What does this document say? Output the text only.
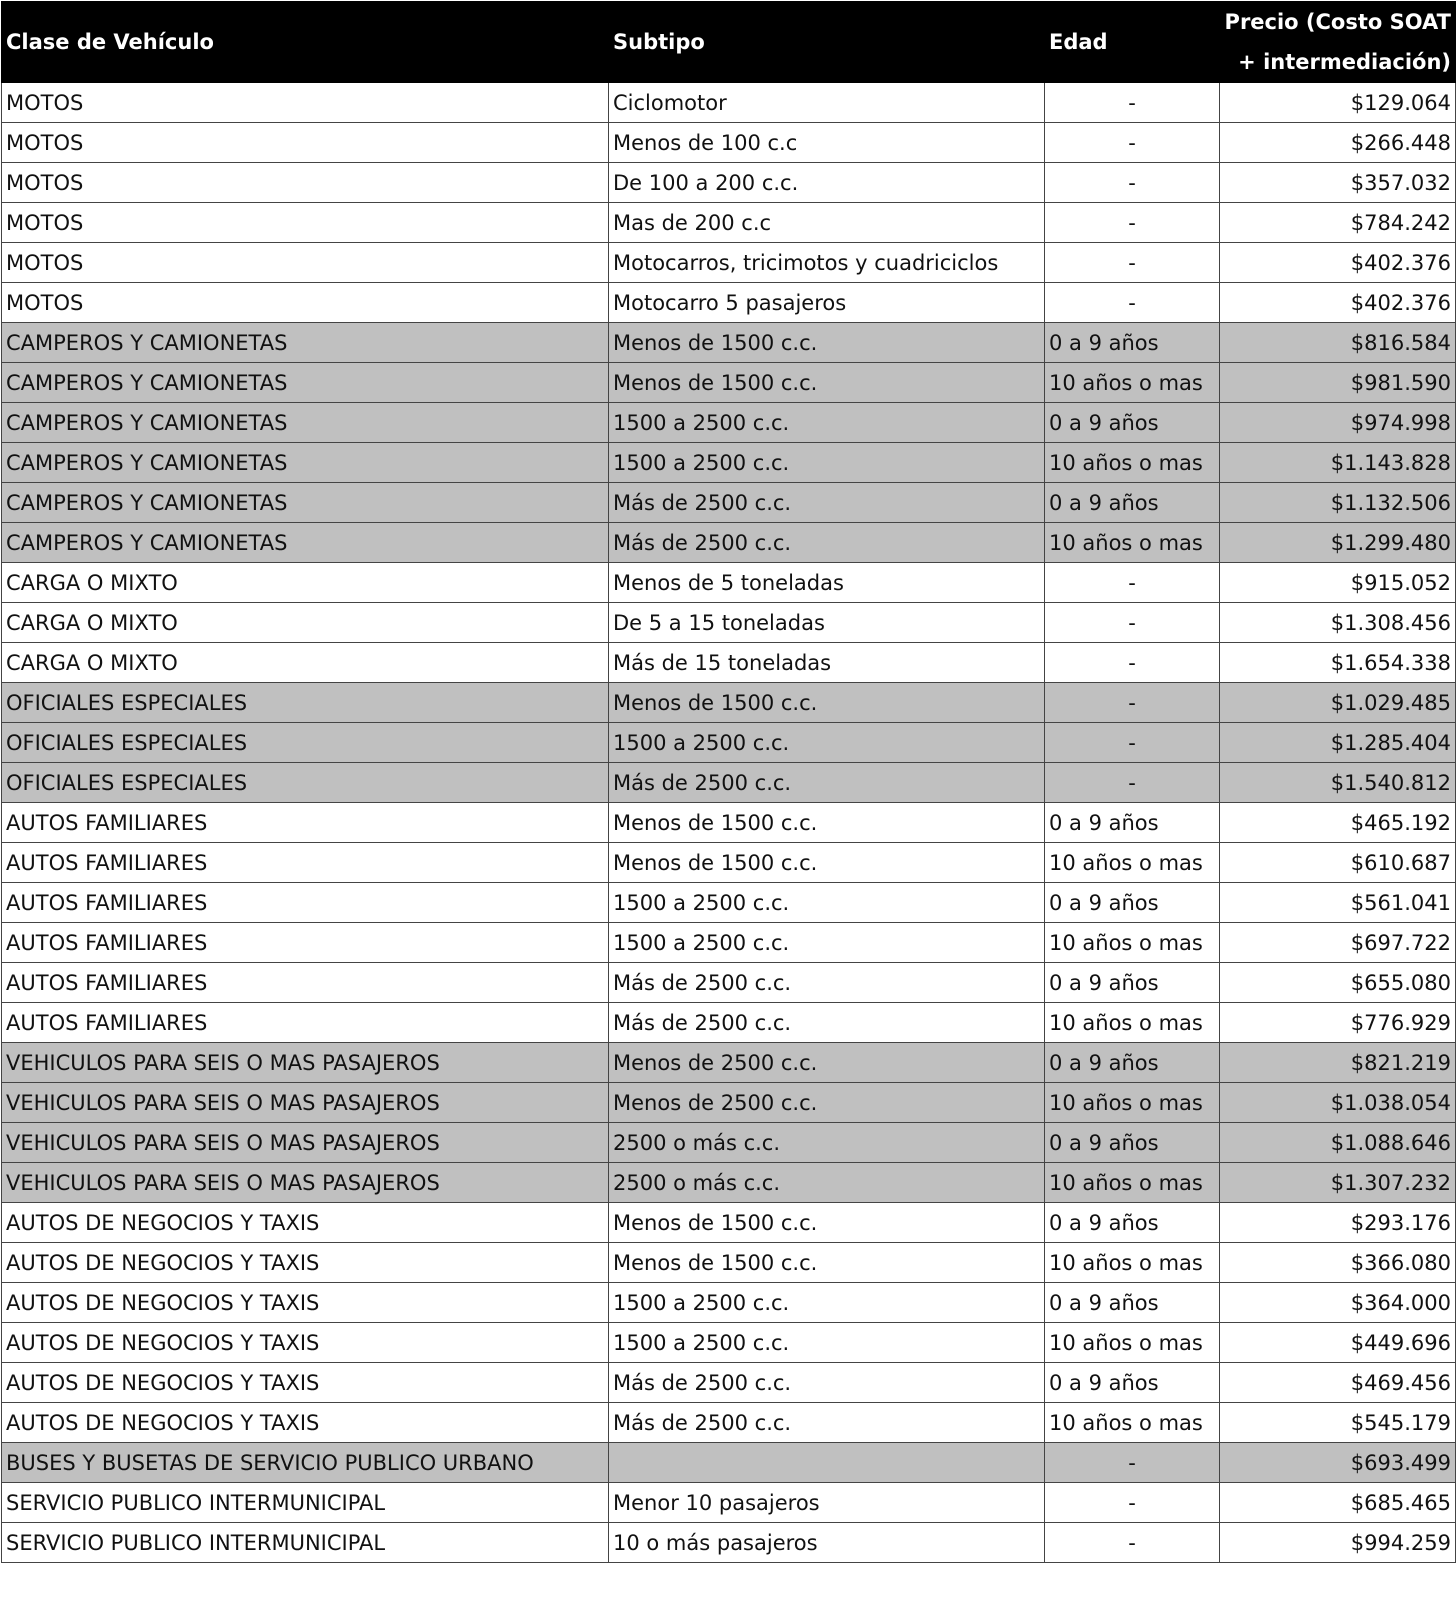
Clase de Vehículo	Subtipo	Edad	Precio (Costo SOAT
+ intermediación)
MOTOS	Ciclomotor	-	$129.064
MOTOS	Menos de 100 c.c	-	$266.448
MOTOS	De 100 a 200 c.c.	-	$357.032
MOTOS	Mas de 200 c.c	-	$784.242
MOTOS	Motocarros, tricimotos y cuadriciclos	-	$402.376
MOTOS	Motocarro 5 pasajeros	-	$402.376
CAMPEROS Y CAMIONETAS	Menos de 1500 c.c.	0 a 9 años	$816.584
CAMPEROS Y CAMIONETAS	Menos de 1500 c.c.	10 años o mas	$981.590
CAMPEROS Y CAMIONETAS	1500 a 2500 c.c.	0 a 9 años	$974.998
CAMPEROS Y CAMIONETAS	1500 a 2500 c.c.	10 años o mas	$1.143.828
CAMPEROS Y CAMIONETAS	Más de 2500 c.c.	0 a 9 años	$1.132.506
CAMPEROS Y CAMIONETAS	Más de 2500 c.c.	10 años o mas	$1.299.480
CARGA O MIXTO	Menos de 5 toneladas	-	$915.052
CARGA O MIXTO	De 5 a 15 toneladas	-	$1.308.456
CARGA O MIXTO	Más de 15 toneladas	-	$1.654.338
OFICIALES ESPECIALES	Menos de 1500 c.c.	-	$1.029.485
OFICIALES ESPECIALES	1500 a 2500 c.c.	-	$1.285.404
OFICIALES ESPECIALES	Más de 2500 c.c.	-	$1.540.812
AUTOS FAMILIARES	Menos de 1500 c.c.	0 a 9 años	$465.192
AUTOS FAMILIARES	Menos de 1500 c.c.	10 años o mas	$610.687
AUTOS FAMILIARES	1500 a 2500 c.c.	0 a 9 años	$561.041
AUTOS FAMILIARES	1500 a 2500 c.c.	10 años o mas	$697.722
AUTOS FAMILIARES	Más de 2500 c.c.	0 a 9 años	$655.080
AUTOS FAMILIARES	Más de 2500 c.c.	10 años o mas	$776.929
VEHICULOS PARA SEIS O MAS PASAJEROS	Menos de 2500 c.c.	0 a 9 años	$821.219
VEHICULOS PARA SEIS O MAS PASAJEROS	Menos de 2500 c.c.	10 años o mas	$1.038.054
VEHICULOS PARA SEIS O MAS PASAJEROS	2500 o más c.c.	0 a 9 años	$1.088.646
VEHICULOS PARA SEIS O MAS PASAJEROS	2500 o más c.c.	10 años o mas	$1.307.232
AUTOS DE NEGOCIOS Y TAXIS	Menos de 1500 c.c.	0 a 9 años	$293.176
AUTOS DE NEGOCIOS Y TAXIS	Menos de 1500 c.c.	10 años o mas	$366.080
AUTOS DE NEGOCIOS Y TAXIS	1500 a 2500 c.c.	0 a 9 años	$364.000
AUTOS DE NEGOCIOS Y TAXIS	1500 a 2500 c.c.	10 años o mas	$449.696
AUTOS DE NEGOCIOS Y TAXIS	Más de 2500 c.c.	0 a 9 años	$469.456
AUTOS DE NEGOCIOS Y TAXIS	Más de 2500 c.c.	10 años o mas	$545.179
BUSES Y BUSETAS DE SERVICIO PUBLICO URBANO		-	$693.499
SERVICIO PUBLICO INTERMUNICIPAL	Menor 10 pasajeros	-	$685.465
SERVICIO PUBLICO INTERMUNICIPAL	10 o más pasajeros	-	$994.259
